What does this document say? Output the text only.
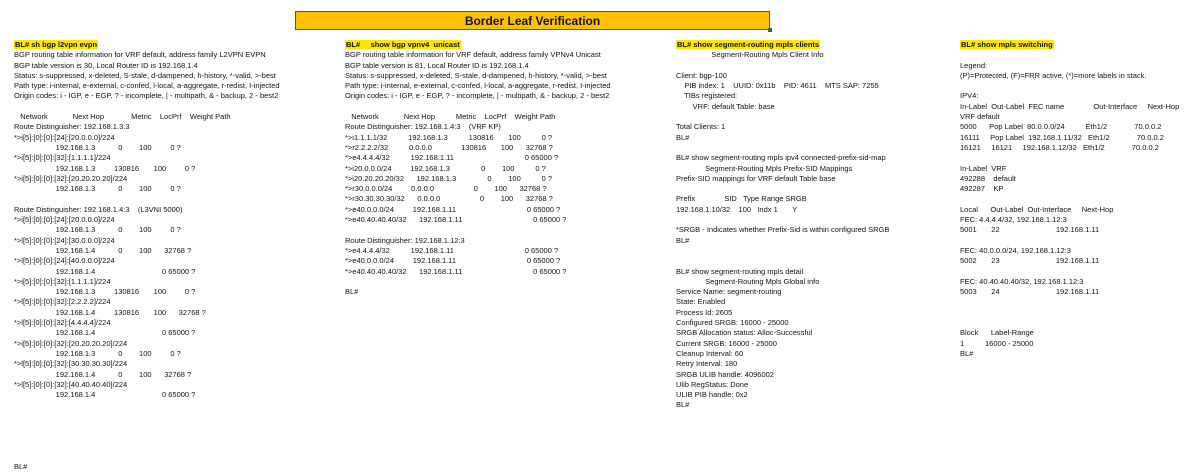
Border Leaf Verification
BL# sh bgp l2vpn evpn
BGP routing table information for VRF default, address family L2VPN EVPN
BGP table version is 30, Local Router ID is 192.168.1.4
Status: s-suppressed, x-deleted, S-stale, d-dampened, h-history, *-valid, >-best
Path type: i-internal, e-external, c-confed, l-local, a-aggregate, r-redist, I-injected
Origin codes: i - IGP, e - EGP, ? - incomplete, | - multipath, & - backup, 2 - best2
Network            Next Hop             Metric    LocPrf    Weight Path
Route Distinguisher: 192.168.1.3:3
*>i[5]:[0]:[0]:[24]:[20.0.0.0]/224
192.168.1.3           0        100         0 ?
*>i[5]:[0]:[0]:[32]:[1.1.1.1]/224
192.168.1.3         130816       100         0 ?
*>i[5]:[0]:[0]:[32]:[20.20.20.20]/224
192.168.1.3           0        100         0 ?
Route Distinguisher: 192.168.1.4:3    (L3VNI 5000)
*>i[5]:[0]:[0]:[24]:[20.0.0.0]/224
192.168.1.3           0        100         0 ?
*>l[5]:[0]:[0]:[24]:[30.0.0.0]/224
192.168.1.4           0        100      32768 ?
*>l[5]:[0]:[0]:[24]:[40.0.0.0]/224
192.168.1.4                                0 65000 ?
*>i[5]:[0]:[0]:[32]:[1.1.1.1]/224
192.168.1.3         130816       100         0 ?
*>l[5]:[0]:[0]:[32]:[2.2.2.2]/224
192.168.1.4         130816       100      32768 ?
*>l[5]:[0]:[0]:[32]:[4.4.4.4]/224
192.168.1.4                                0 65000 ?
*>i[5]:[0]:[0]:[32]:[20.20.20.20]/224
192.168.1.3           0        100         0 ?
*>l[5]:[0]:[0]:[32]:[30.30.30.30]/224
192.168.1.4           0        100      32768 ?
*>l[5]:[0]:[0]:[32]:[40.40.40.40]/224
192.168.1.4                                0 65000 ?
BL#     show bgp vpnv4  unicast
BGP routing table information for VRF default, address family VPNv4 Unicast
BGP table version is 81, Local Router ID is 192.168.1.4
Status: s-suppressed, x-deleted, S-stale, d-dampened, h-history, *-valid, >-best
Path type: i-internal, e-external, c-confed, l-local, a-aggregate, r-redist, I-injected
Origin codes: i - IGP, e - EGP, ? - incomplete, | - multipath, & - backup, 2 - best2
Network            Next Hop          Metric    LocPrf    Weight Path
Route Distinguisher: 192.168.1.4:3    (VRF KP)
*>i1.1.1.1/32          192.168.1.3          130816       100          0 ?
*>r2.2.2.2/32          0.0.0.0              130816       100      32768 ?
*>e4.4.4.4/32          192.168.1.11                                  0 65000 ?
*>i20.0.0.0/24         192.168.1.3               0        100          0 ?
*>i20.20.20.20/32      192.168.1.3               0        100          0 ?
*>r30.0.0.0/24         0.0.0.0                   0        100      32768 ?
*>r30.30.30.30/32      0.0.0.0                   0        100      32768 ?
*>e40.0.0.0/24         192.168.1.11                                  0 65000 ?
*>e40.40.40.40/32      192.168.1.11                                  0 65000 ?
Route Distinguisher: 192.168.1.12:3
*>e4.4.4.4/32          192.168.1.11                                  0 65000 ?
*>e40.0.0.0/24         192.168.1.11                                  0 65000 ?
*>e40.40.40.40/32      192.168.1.11                                  0 65000 ?
BL#
BL# show segment-routing mpls clients
Segment-Routing Mpls Client Info
Client: bgp-100
PIB index: 1    UUID: 0x11b    PID: 4611    MTS SAP: 7255
TIBs registered:
VRF: default Table: base
Total Clients: 1
BL#
BL# show segment-routing mpls ipv4 connected-prefix-sid-map
Segment-Routing Mpls Prefix-SID Mappings
Prefix-SID mappings for VRF default Table base
Prefix              SID   Type Range SRGB
192.168.1.10/32    100   Indx 1       Y
*SRGB - Indicates whether Prefix-Sid is within configured SRGB
BL#
BL# show segment-routing mpls detail
Segment-Routing Mpls Global info
Service Name: segment-routing
State: Enabled
Process Id: 2605
Configured SRGB: 16000 - 25000
SRGB Allocation status: Alloc-Successful
Current SRGB: 16000 - 25000
Cleanup Interval: 60
Retry Interval: 180
SRGB ULIB handle: 4096002
Ulib RegStatus: Done
ULIB PIB handle: 0x2
BL#
BL# show mpls switching
Legend:
(P)=Protected, (F)=FRR active, (*)=more labels in stack.
IPV4:
In-Label  Out-Label  FEC name              Out-Interface     Next-Hop
VRF default
5000      Pop Label  80.0.0.0/24          Eth1/2             70.0.0.2
16111     Pop Label  192.168.1.11/32   Eth1/2             70.0.0.2
16121     16121     192.168.1.12/32   Eth1/2             70.0.0.2
In-Label  VRF
492288    default
492287    KP
Local      Out-Label  Out-Interface     Next-Hop
FEC: 4.4.4.4/32, 192.168.1.12:3
5001       22                           192.168.1.11
FEC: 40.0.0.0/24, 192.168.1.12:3
5002       23                           192.168.1.11
FEC: 40.40.40.40/32, 192.168.1.12:3
5003       24                           192.168.1.11
Block      Label-Range
1          16000 - 25000
BL#
BL#
